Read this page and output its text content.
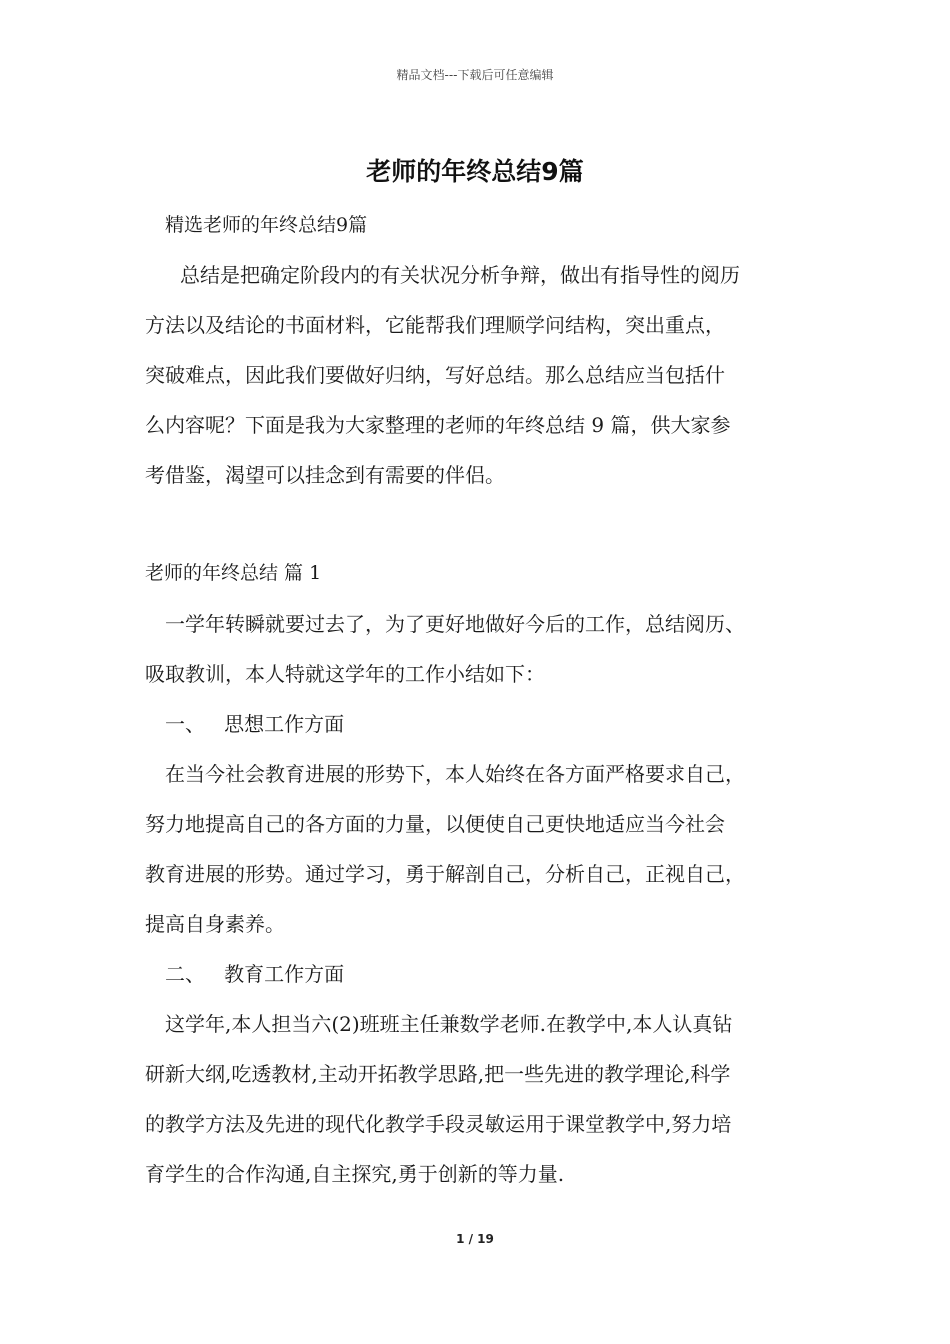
精品文档---下载后可任意编辑
老师的年终总结9篇
精选老师的年终总结9篇
总结是把确定阶段内的有关状况分析争辩，做出有指导性的阅历
方法以及结论的书面材料，它能帮我们理顺学问结构，突出重点，
突破难点，因此我们要做好归纳，写好总结。那么总结应当包括什
么内容呢？下面是我为大家整理的老师的年终总结 9 篇，供大家参
考借鉴，渴望可以挂念到有需要的伴侣。
老师的年终总结 篇 1
一学年转瞬就要过去了，为了更好地做好今后的工作，总结阅历、
吸取教训，本人特就这学年的工作小结如下：
一、   思想工作方面
在当今社会教育进展的形势下，本人始终在各方面严格要求自己，
努力地提高自己的各方面的力量，以便使自己更快地适应当今社会
教育进展的形势。通过学习，勇于解剖自己，分析自己，正视自己，
提高自身素养。
二、   教育工作方面
这学年,本人担当六(2)班班主任兼数学老师.在教学中,本人认真钻
研新大纲,吃透教材,主动开拓教学思路,把一些先进的教学理论,科学
的教学方法及先进的现代化教学手段灵敏运用于课堂教学中,努力培
育学生的合作沟通,自主探究,勇于创新的等力量.
1 / 19
